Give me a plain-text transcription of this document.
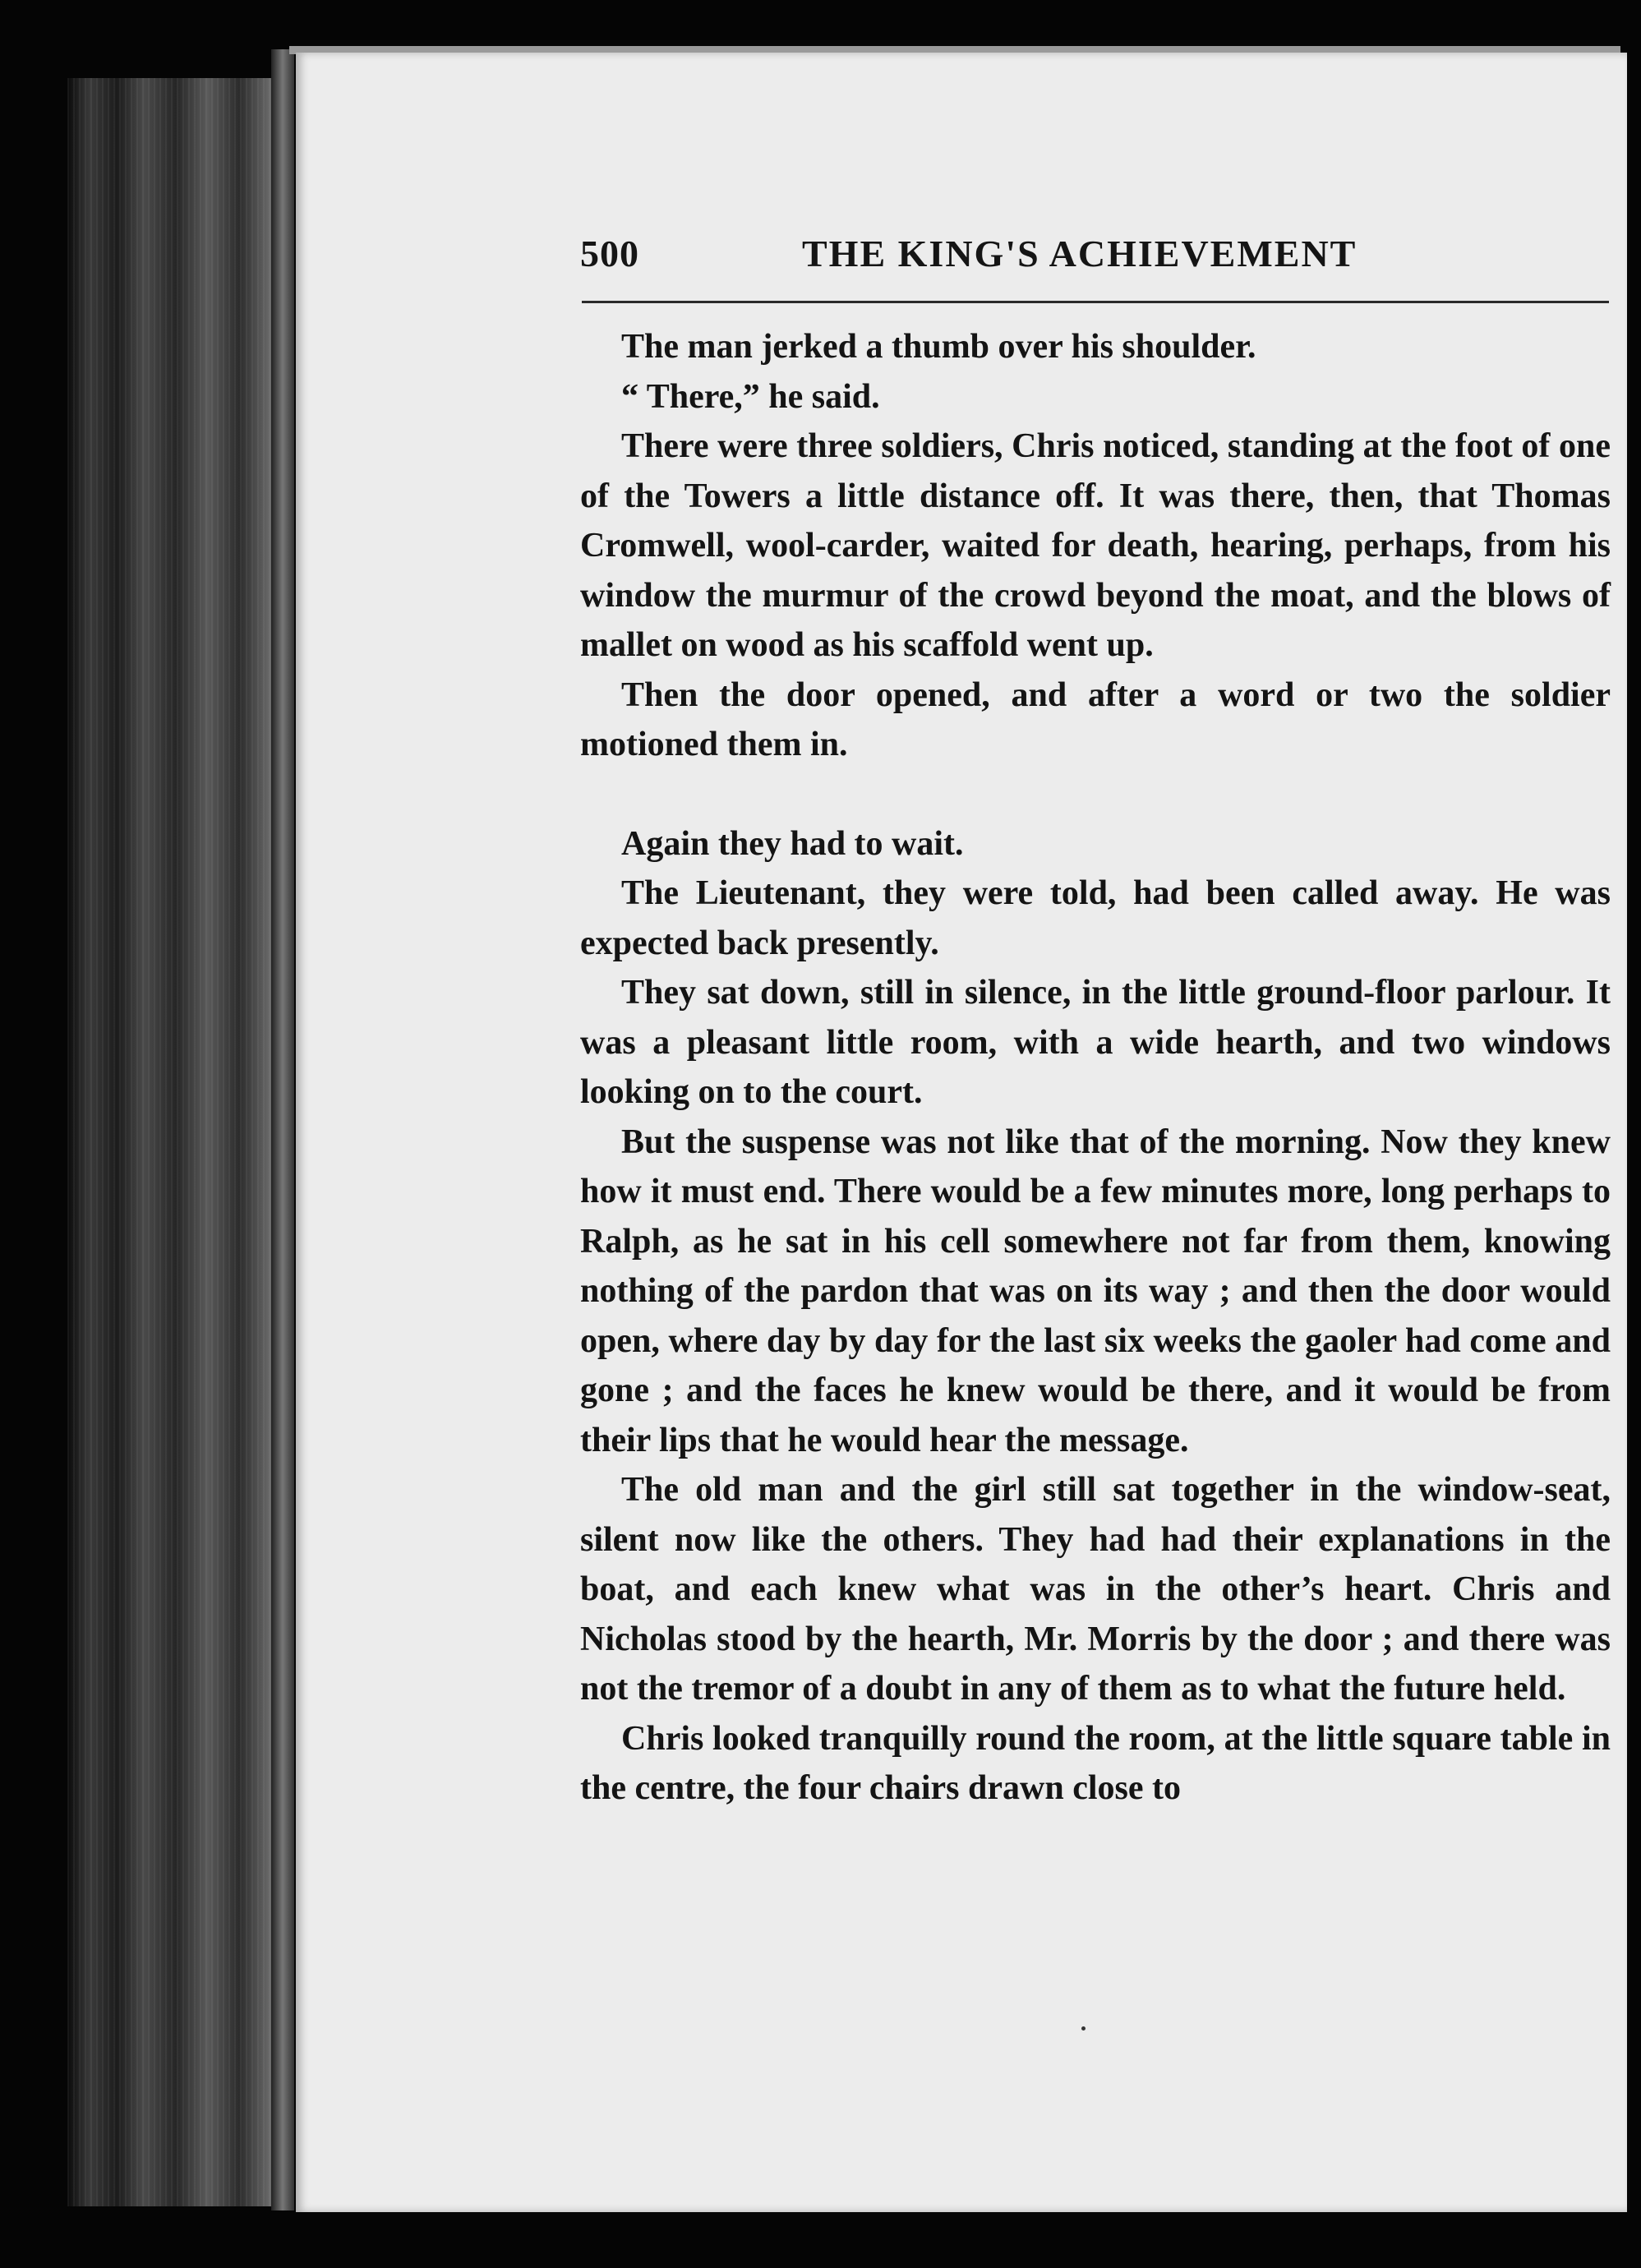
500	THE KING'S ACHIEVEMENT

The man jerked a thumb over his shoulder.

“ There,” he said.

There were three soldiers, Chris noticed, standing at the foot of one of the Towers a little distance off. It was there, then, that Thomas Cromwell, wool-carder, waited for death, hearing, perhaps, from his window the murmur of the crowd beyond the moat, and the blows of mallet on wood as his scaffold went up.

Then the door opened, and after a word or two the soldier motioned them in.

Again they had to wait.

The Lieutenant, they were told, had been called away. He was expected back presently.

They sat down, still in silence, in the little ground-floor parlour. It was a pleasant little room, with a wide hearth, and two windows looking on to the court.

But the suspense was not like that of the morning. Now they knew how it must end. There would be a few minutes more, long perhaps to Ralph, as he sat in his cell somewhere not far from them, knowing nothing of the pardon that was on its way ; and then the door would open, where day by day for the last six weeks the gaoler had come and gone ; and the faces he knew would be there, and it would be from their lips that he would hear the message.

The old man and the girl still sat together in the window-seat, silent now like the others. They had had their explanations in the boat, and each knew what was in the other’s heart. Chris and Nicholas stood by the hearth, Mr. Morris by the door ; and there was not the tremor of a doubt in any of them as to what the future held.

Chris looked tranquilly round the room, at the little square table in the centre, the four chairs drawn close to
